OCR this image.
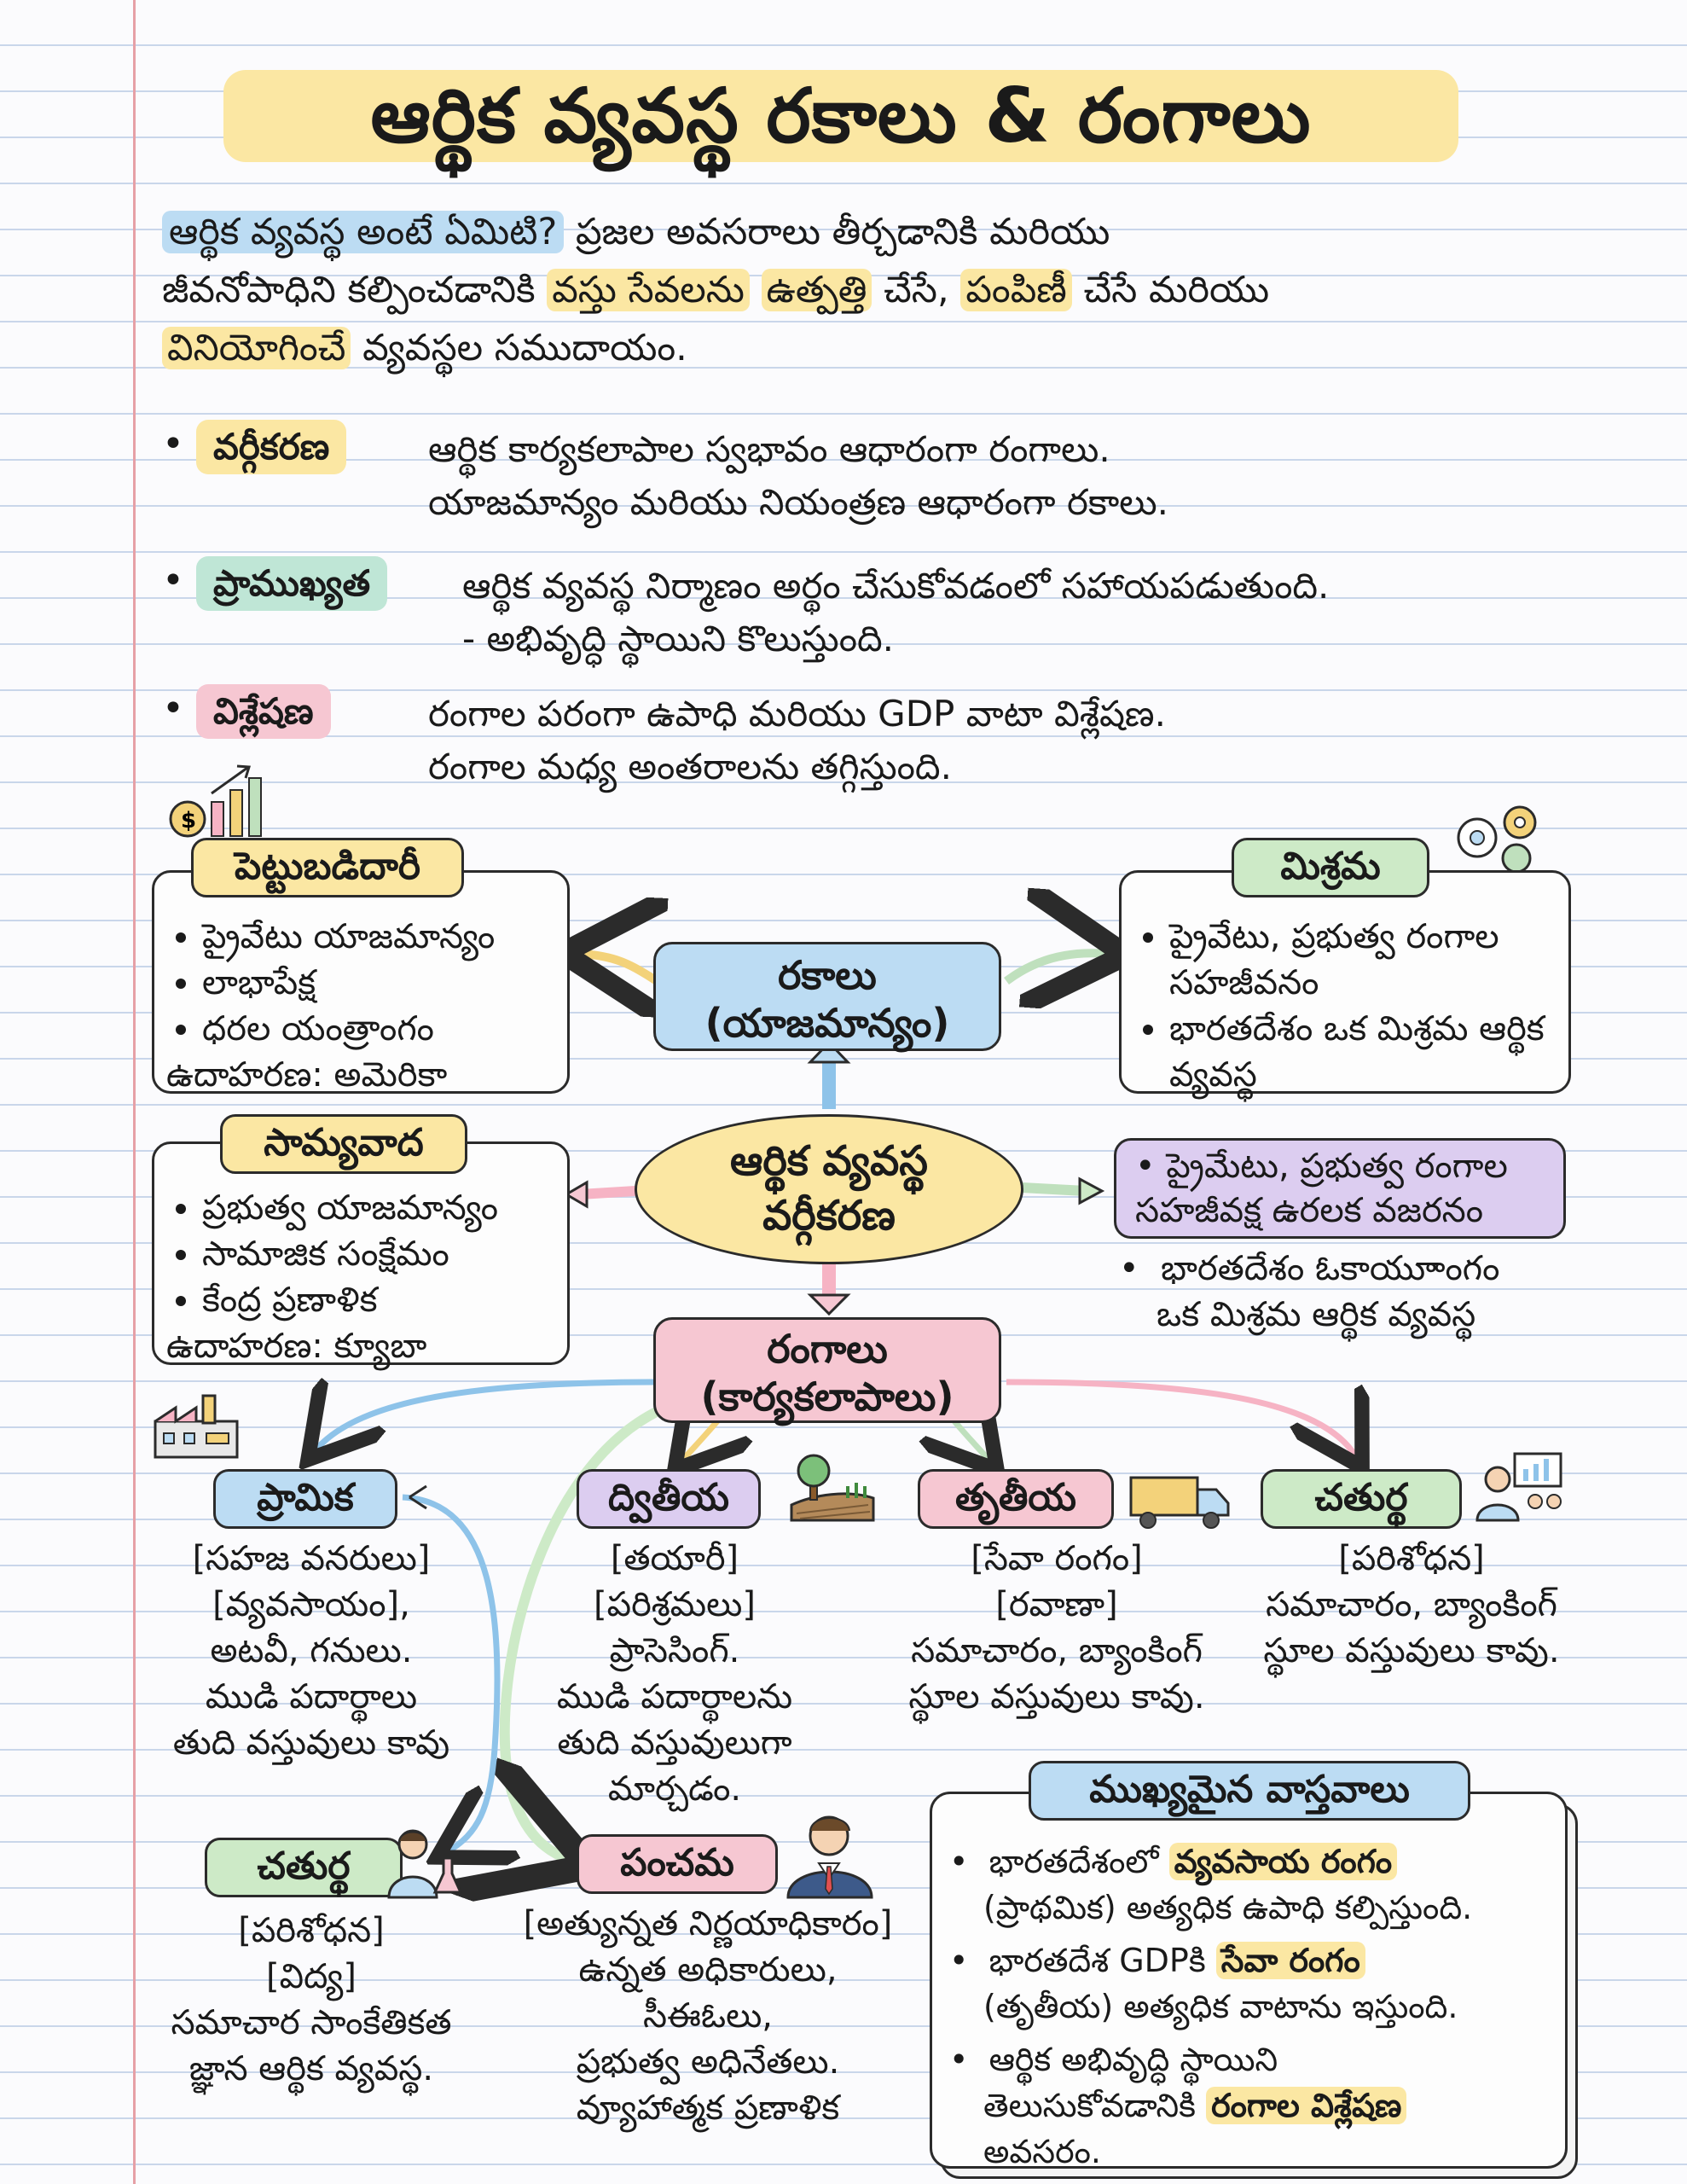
ఆర్థిక వ్యవస్థ రకాలు & రంగాలు
ఆర్థిక వ్యవస్థ అంటే ఏమిటి? ప్రజల అవసరాలు తీర్చడానికి మరియు
జీవనోపాధిని కల్పించడానికి వస్తు సేవలను ఉత్పత్తి చేసే, పంపిణీ చేసే మరియు
వినియోగించే వ్యవస్థల సముదాయం.
• వర్గీకరణ	ఆర్థిక కార్యకలాపాల స్వభావం ఆధారంగా రంగాలు.
యాజమాన్యం మరియు నియంత్రణ ఆధారంగా రకాలు.
• ప్రాముఖ్యత	ఆర్థిక వ్యవస్థ నిర్మాణం అర్థం చేసుకోవడంలో సహాయపడుతుంది.
- అభివృద్ధి స్థాయిని కొలుస్తుంది.
• విశ్లేషణ	రంగాల పరంగా ఉపాధి మరియు GDP వాటా విశ్లేషణ.
రంగాల మధ్య అంతరాలను తగ్గిస్తుంది.
$
• ప్రైవేటు యాజమాన్యం
• లాభాపేక్ష
• ధరల యంత్రాంగం
ఉదాహరణ: అమెరికా
పెట్టుబడిదారీ
• ప్రభుత్వ యాజమాన్యం
• సామాజిక సంక్షేమం
• కేంద్ర ప్రణాళిక
ఉదాహరణ: క్యూబా
సామ్యవాద
• ప్రైవేటు, ప్రభుత్వ రంగాల సహజీవనం
• భారతదేశం ఒక మిశ్రమ ఆర్థిక వ్యవస్థ
మిశ్రమ
• ప్రైమేటు, ప్రభుత్వ రంగాల సహజీవక్ష ఉరలక వజరనం
•  భారతదేశం ఓకాయూాంగం
ఒక మిశ్రమ ఆర్థిక వ్యవస్థ
రకాలు
(యాజమాన్యం)
ఆర్థిక వ్యవస్థ
వర్గీకరణ
రంగాలు
(కార్యకలాపాలు)
ప్రామిక
[సహజ వనరులు]
[వ్యవసాయం],
అటవీ, గనులు.
ముడి పదార్థాలు
తుది వస్తువులు కావు
ద్వితీయ
[తయారీ]
[పరిశ్రమలు]
ప్రాసెసింగ్.
ముడి పదార్థాలను
తుది వస్తువులుగా
మార్చడం.
తృతీయ
[సేవా రంగం]
[రవాణా]
సమాచారం, బ్యాంకింగ్
స్థూల వస్తువులు కావు.
చతుర్థ
[పరిశోధన]
సమాచారం, బ్యాంకింగ్
స్థూల వస్తువులు కావు.
చతుర్థ
[పరిశోధన]
[విద్య]
సమాచార సాంకేతికత
జ్ఞాన ఆర్థిక వ్యవస్థ.
పంచమ
[అత్యున్నత నిర్ణయాధికారం]
ఉన్నత అధికారులు,
సీఈఓలు,
ప్రభుత్వ అధినేతలు.
వ్యూహాత్మక ప్రణాళిక
•  భారతదేశంలో వ్యవసాయ రంగం
(ప్రాథమిక) అత్యధిక ఉపాధి కల్పిస్తుంది.
•  భారతదేశ GDPకి సేవా రంగం
(తృతీయ) అత్యధిక వాటాను ఇస్తుంది.
•  ఆర్థిక అభివృద్ధి స్థాయిని
తెలుసుకోవడానికి రంగాల విశ్లేషణ
అవసరం.
ముఖ్యమైన వాస్తవాలు
